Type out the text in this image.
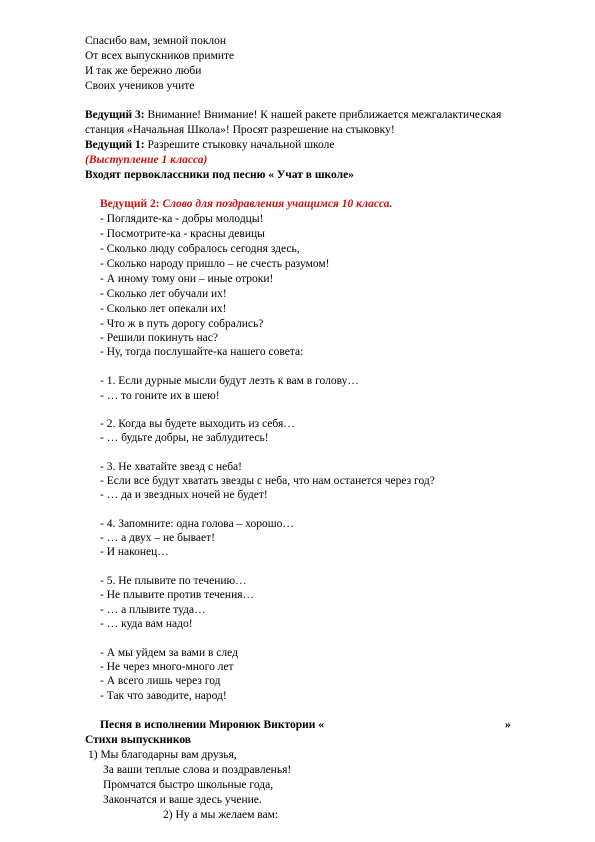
Спасибо вам, земной поклон
От всех выпускников примите
И так же бережно люби
Своих учеников учите
Ведущий 3: Внимание! Внимание! К нашей ракете приближается межгалактическая
станция «Начальная Школа»! Просят разрешение на стыковку!
Ведущий 1: Разрешите стыковку начальной школе
(Выступление 1 класса)
Входят первоклассники под песню « Учат в школе»
Ведущий 2: Слово для поздравления учащимся 10 класса.
- Поглядите-ка - добры молодцы!
- Посмотрите-ка - красны девицы
- Сколько люду собралось сегодня здесь,
- Сколько народу пришло – не счесть разумом!
- А иному тому они – иные отроки!
- Сколько лет обучали их!
- Сколько лет опекали их!
- Что ж в путь дорогу собрались?
- Решили покинуть нас?
- Ну, тогда послушайте-ка нашего совета:
- 1. Если дурные мысли будут лезть к вам в голову…
- … то гоните их в шею!
- 2. Когда вы будете выходить из себя…
- … будьте добры, не заблудитесь!
- 3. Не хватайте звезд с неба!
- Если все будут хватать звезды с неба, что нам останется через год?
- … да и звездных ночей не будет!
- 4. Запомните: одна голова – хорошо…
- … а двух – не бывает!
- И наконец…
- 5. Не плывите по течению…
- Не плывите против течения…
- … а плывите туда…
- … куда вам надо!
- А мы уйдем за вами в след
- Не через много-много лет
- А всего лишь через год
- Так что заводите, народ!
Песня в исполнении Миронюк Виктории «	»
Стихи выпускников
1) Мы благодарны вам друзья,
За ваши теплые слова и поздравленья!
Промчатся быстро школьные года,
Закончатся и ваше здесь учение.
2) Ну а мы желаем вам:
